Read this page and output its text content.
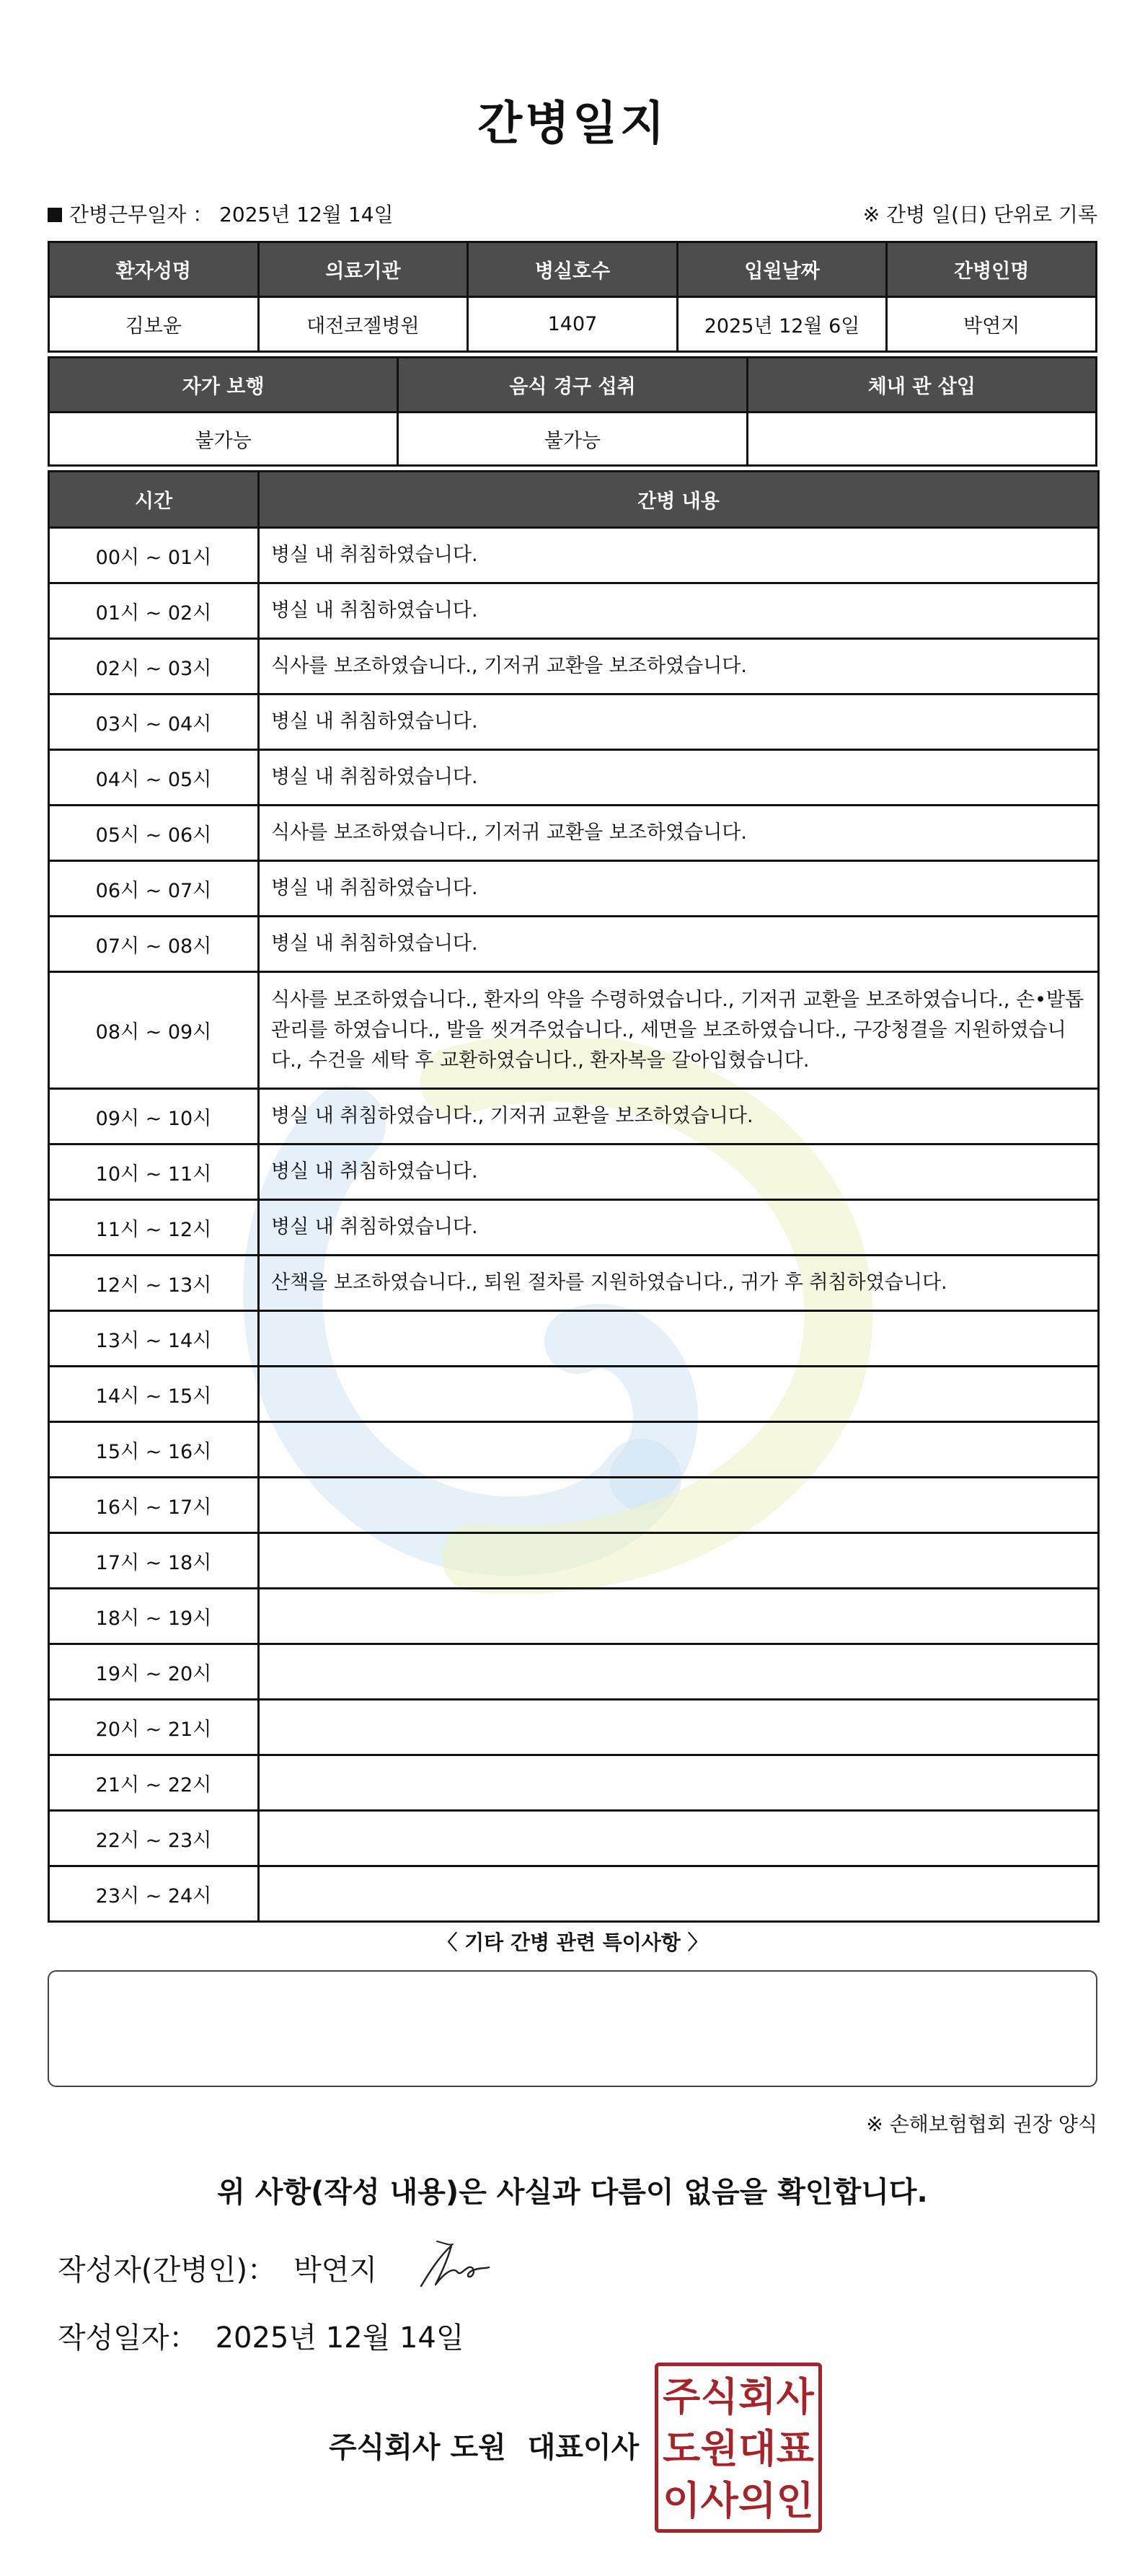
간병일지
간병근무일자 ： 2025년 12월 14일	※ 간병 일(日) 단위로 기록
환자성명	의료기관	병실호수	입원날짜	간병인명
김보윤	대전코젤병원	1407	2025년 12월 6일	박연지
자가 보행	음식 경구 섭취	체내 관 삽입
불가능	불가능	
시간	간병 내용
00시 ~ 01시	병실 내 취침하였습니다.
01시 ~ 02시	병실 내 취침하였습니다.
02시 ~ 03시	식사를 보조하였습니다., 기저귀 교환을 보조하였습니다.
03시 ~ 04시	병실 내 취침하였습니다.
04시 ~ 05시	병실 내 취침하였습니다.
05시 ~ 06시	식사를 보조하였습니다., 기저귀 교환을 보조하였습니다.
06시 ~ 07시	병실 내 취침하였습니다.
07시 ~ 08시	병실 내 취침하였습니다.
08시 ~ 09시	식사를 보조하였습니다., 환자의 약을 수령하였습니다., 기저귀 교환을 보조하였습니다., 손•발톱 관리를 하였습니다., 발을 씻겨주었습니다., 세면을 보조하였습니다., 구강청결을 지원하였습니다., 수건을 세탁 후 교환하였습니다., 환자복을 갈아입혔습니다.
09시 ~ 10시	병실 내 취침하였습니다., 기저귀 교환을 보조하였습니다.
10시 ~ 11시	병실 내 취침하였습니다.
11시 ~ 12시	병실 내 취침하였습니다.
12시 ~ 13시	산책을 보조하였습니다., 퇴원 절차를 지원하였습니다., 귀가 후 취침하였습니다.
13시 ~ 14시	
14시 ~ 15시	
15시 ~ 16시	
16시 ~ 17시	
17시 ~ 18시	
18시 ~ 19시	
19시 ~ 20시	
20시 ~ 21시	
21시 ~ 22시	
22시 ~ 23시	
23시 ~ 24시	
〈 기타 간병 관련 특이사항 〉
※ 손해보험협회 권장 양식
위 사항(작성 내용)은 사실과 다름이 없음을 확인합니다.
작성자(간병인)： 박연지
작성일자： 2025년 12월 14일
주식회사 도원 대표이사
주 식 회 사
도 원 대 표
이 사 의 인
